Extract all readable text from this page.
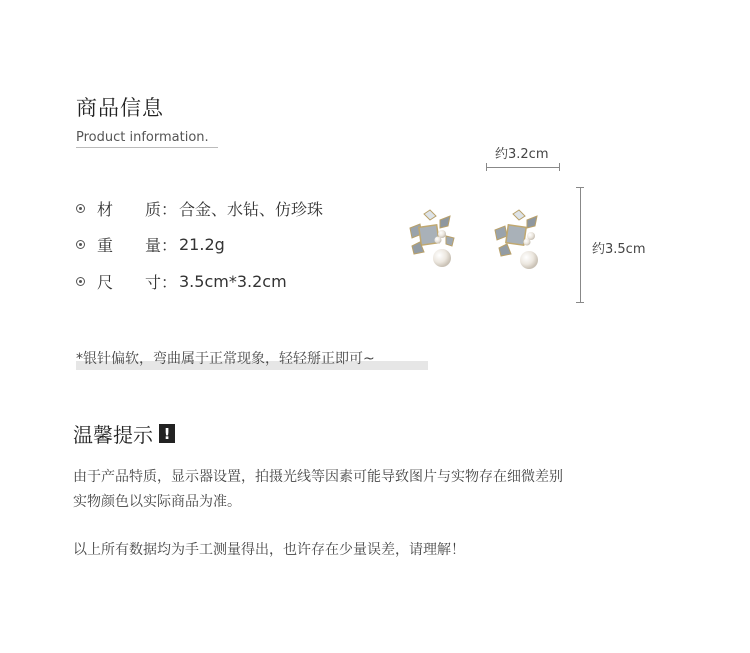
商品信息
Product information.
材　　质： 合金、水钻、仿珍珠
重　　量： 21.2g
尺　　寸： 3.5cm*3.2cm
约3.2cm
约3.5cm
*银针偏软，弯曲属于正常现象，轻轻掰正即可~
温馨提示 !
由于产品特质，显示器设置，拍摄光线等因素可能导致图片与实物存在细微差别
实物颜色以实际商品为准。
以上所有数据均为手工测量得出，也许存在少量误差，请理解！
